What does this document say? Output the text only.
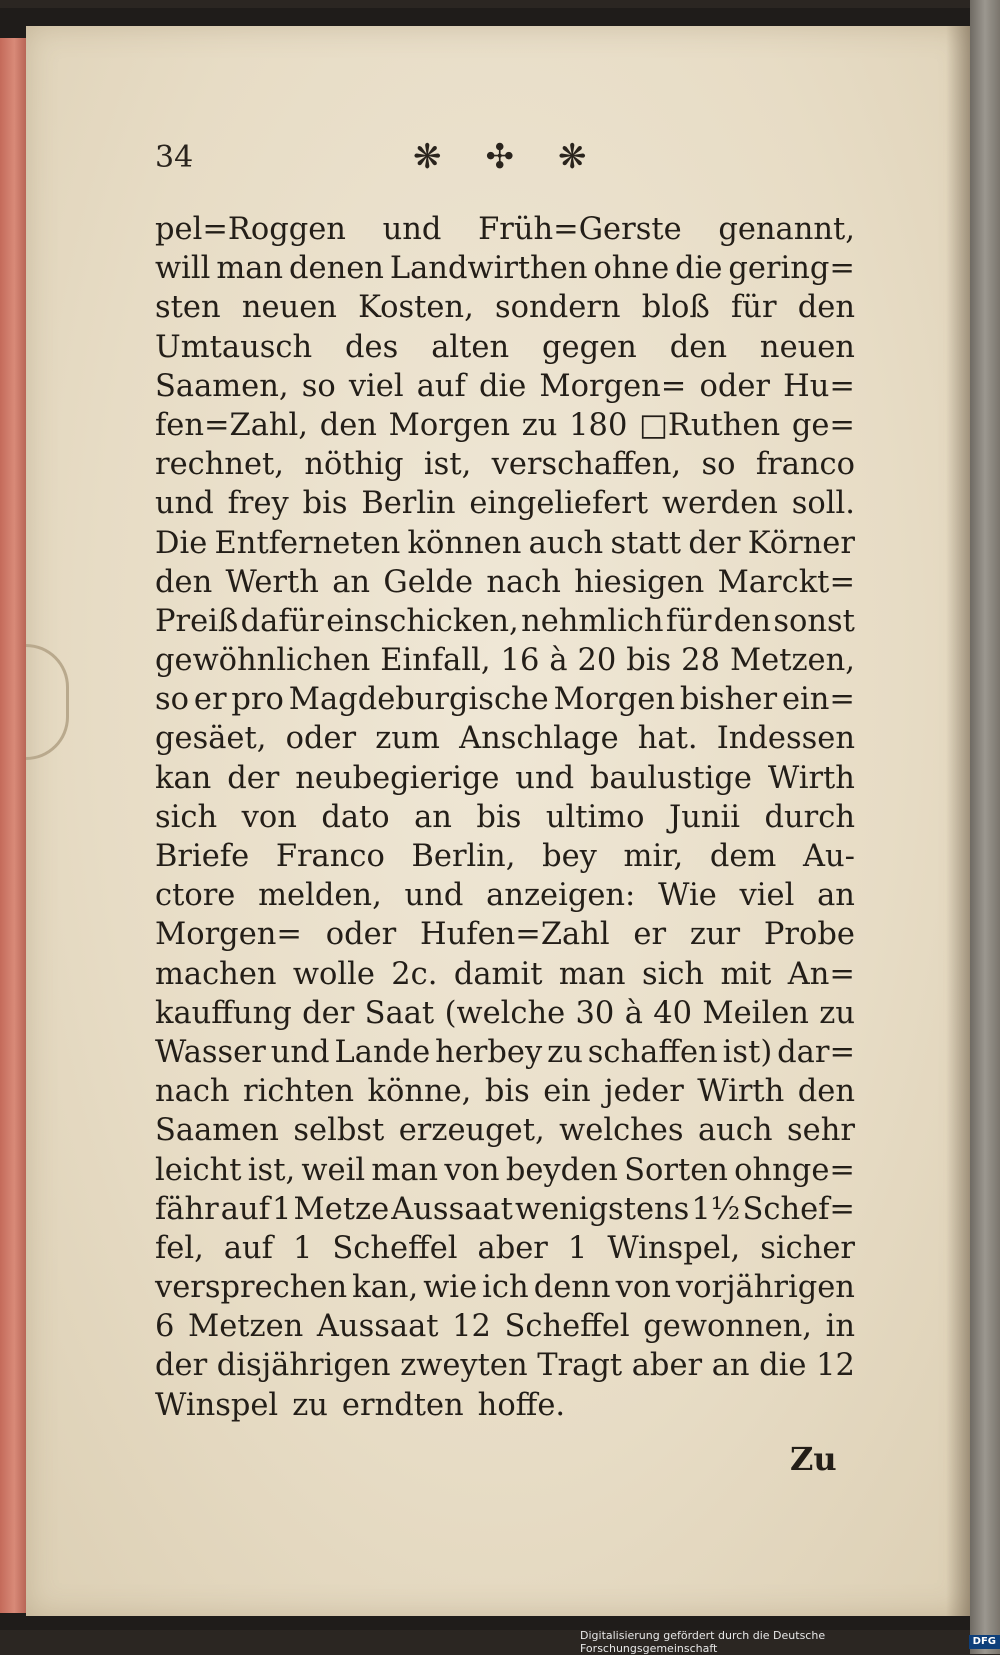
34	❋ ✣ ❋
pel=Roggen und Früh=Gerste genannt,
will man denen Landwirthen ohne die gering=
sten neuen Kosten, sondern bloß für den
Umtausch des alten gegen den neuen
Saamen, so viel auf die Morgen= oder Hu=
fen=Zahl, den Morgen zu 180 □Ruthen ge=
rechnet, nöthig ist, verschaffen, so franco
und frey bis Berlin eingeliefert werden soll.
Die Entferneten können auch statt der Körner
den Werth an Gelde nach hiesigen Marckt=
Preiß dafür einschicken, nehmlich für den sonst
gewöhnlichen Einfall, 16 à 20 bis 28 Metzen,
so er pro Magdeburgische Morgen bisher ein=
gesäet, oder zum Anschlage hat. Indessen
kan der neubegierige und baulustige Wirth
sich von dato an bis ultimo Junii durch
Briefe Franco Berlin, bey mir, dem Au-
ctore melden, und anzeigen: Wie viel an
Morgen= oder Hufen=Zahl er zur Probe
machen wolle 2c. damit man sich mit An=
kauffung der Saat (welche 30 à 40 Meilen zu
Wasser und Lande herbey zu schaffen ist) dar=
nach richten könne, bis ein jeder Wirth den
Saamen selbst erzeuget, welches auch sehr
leicht ist, weil man von beyden Sorten ohnge=
fähr auf 1 Metze Aussaat wenigstens 1½ Schef=
fel, auf 1 Scheffel aber 1 Winspel, sicher
versprechen kan, wie ich denn von vorjährigen
6 Metzen Aussaat 12 Scheffel gewonnen, in
der disjährigen zweyten Tragt aber an die 12
Winspel zu erndten hoffe.
Zu
Digitalisierung gefördert durch die Deutsche Forschungsgemeinschaft
DFG
